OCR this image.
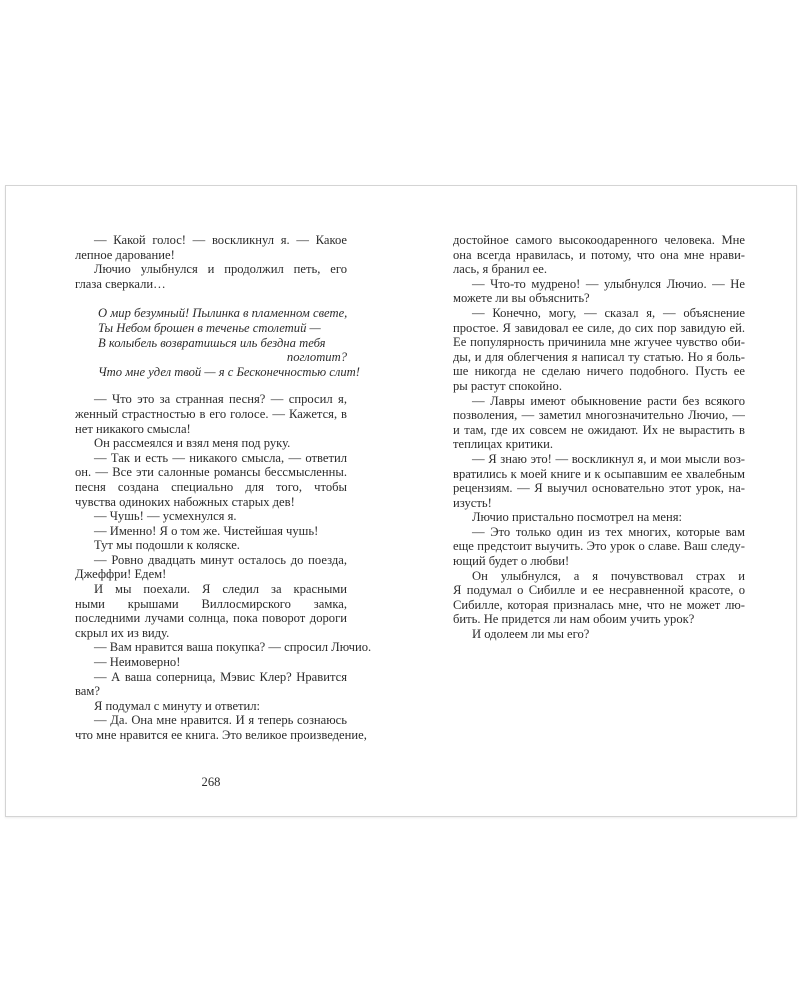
— Какой голос! — воскликнул я. — Какое
лепное дарование!
Лючио улыбнулся и продолжил петь, его
глаза сверкали…
О мир безумный! Пылинка в пламенном свете,
Ты Небом брошен в теченье столетий —
В колыбель возвратишься иль бездна тебя
поглотит?
Что мне удел твой — я с Бесконечностью слит!
— Что это за странная песня? — спросил я,
женный страстностью в его голосе. — Кажется, в
нет никакого смысла!
Он рассмеялся и взял меня под руку.
— Так и есть — никакого смысла, — ответил
он. — Все эти салонные романсы бессмысленны.
песня создана специально для того, чтобы
чувства одиноких набожных старых дев!
— Чушь! — усмехнулся я.
— Именно! Я о том же. Чистейшая чушь!
Тут мы подошли к коляске.
— Ровно двадцать минут осталось до поезда,
Джеффри! Едем!
И мы поехали. Я следил за красными
ными крышами Виллосмирского замка,
последними лучами солнца, пока поворот дороги
скрыл их из виду.
— Вам нравится ваша покупка? — спросил Лючио.
— Неимоверно!
— А ваша соперница, Мэвис Клер? Нравится
вам?
Я подумал с минуту и ответил:
— Да. Она мне нравится. И я теперь сознаюсь
что мне нравится ее книга. Это великое произведение,
достойное самого высокоодаренного человека. Мне
она всегда нравилась, и потому, что она мне нрави-
лась, я бранил ее.
— Что-то мудрено! — улыбнулся Лючио. — Не
можете ли вы объяснить?
— Конечно, могу, — сказал я, — объяснение
простое. Я завидовал ее силе, до сих пор завидую ей.
Ее популярность причинила мне жгучее чувство оби-
ды, и для облегчения я написал ту статью. Но я боль-
ше никогда не сделаю ничего подобного. Пусть ее
ры растут спокойно.
— Лавры имеют обыкновение расти без всякого
позволения, — заметил многозначительно Лючио, —
и там, где их совсем не ожидают. Их не вырастить в
теплицах критики.
— Я знаю это! — воскликнул я, и мои мысли воз-
вратились к моей книге и к осыпавшим ее хвалебным
рецензиям. — Я выучил основательно этот урок, на-
изусть!
Лючио пристально посмотрел на меня:
— Это только один из тех многих, которые вам
еще предстоит выучить. Это урок о славе. Ваш следу-
ющий будет о любви!
Он улыбнулся, а я почувствовал страх и
Я подумал о Сибилле и ее несравненной красоте, о
Сибилле, которая призналась мне, что не может лю-
бить. Не придется ли нам обоим учить урок?
И одолеем ли мы его?
268
